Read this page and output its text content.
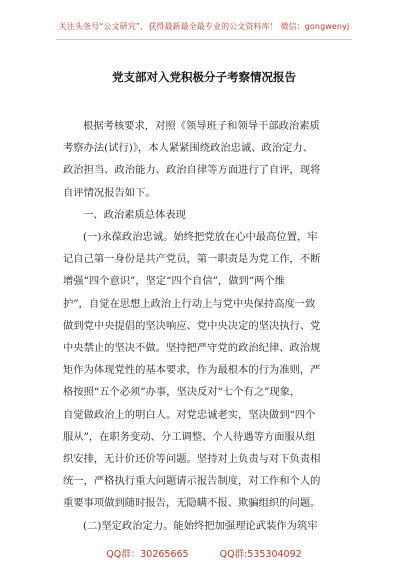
关注头条号“公文研究”，获得最新最全最专业的公文资料库！ 微信：gongwenyj
党支部对入党积极分子考察情况报告

根据考核要求，对照《领导班子和领导干部政治素质
考察办法(试行)》，本人紧紧围绕政治忠诚、政治定力、
政治担当、政治能力、政治自律等方面进行了自评，现将
自评情况报告如下。

一、政治素质总体表现

(一)永葆政治忠诚。始终把党放在心中最高位置，牢
记自己第一身份是共产党员，第一职责是为党工作，不断
增强“四个意识”，坚定“四个自信”，做到“两个维
护”，自觉在思想上政治上行动上与党中央保持高度一致
做到党中央提倡的坚决响应、党中央决定的坚决执行、党
中央禁止的坚决不做。坚持把严守党的政治纪律、政治规
矩作为体现党性的基本要求，作为最根本的行为准则，严
格按照“五个必须”办事，坚决反对“七个有之”现象，
自觉做政治上的明白人。对党忠诚老实，坚决做到“四个
服从”，在职务变动、分工调整、个人待遇等方面服从组
织安排，无计价还价等问题。坚持对上负责与对下负责相
统一，严格执行重大问题请示报告制度，对工作和个人的
重要事项做到随时报告，无隐瞒不报、欺骗组织的问题。

(二)坚定政治定力。能始终把加强理论武装作为筑牢

QQ群：30265665	QQ群:535304092
